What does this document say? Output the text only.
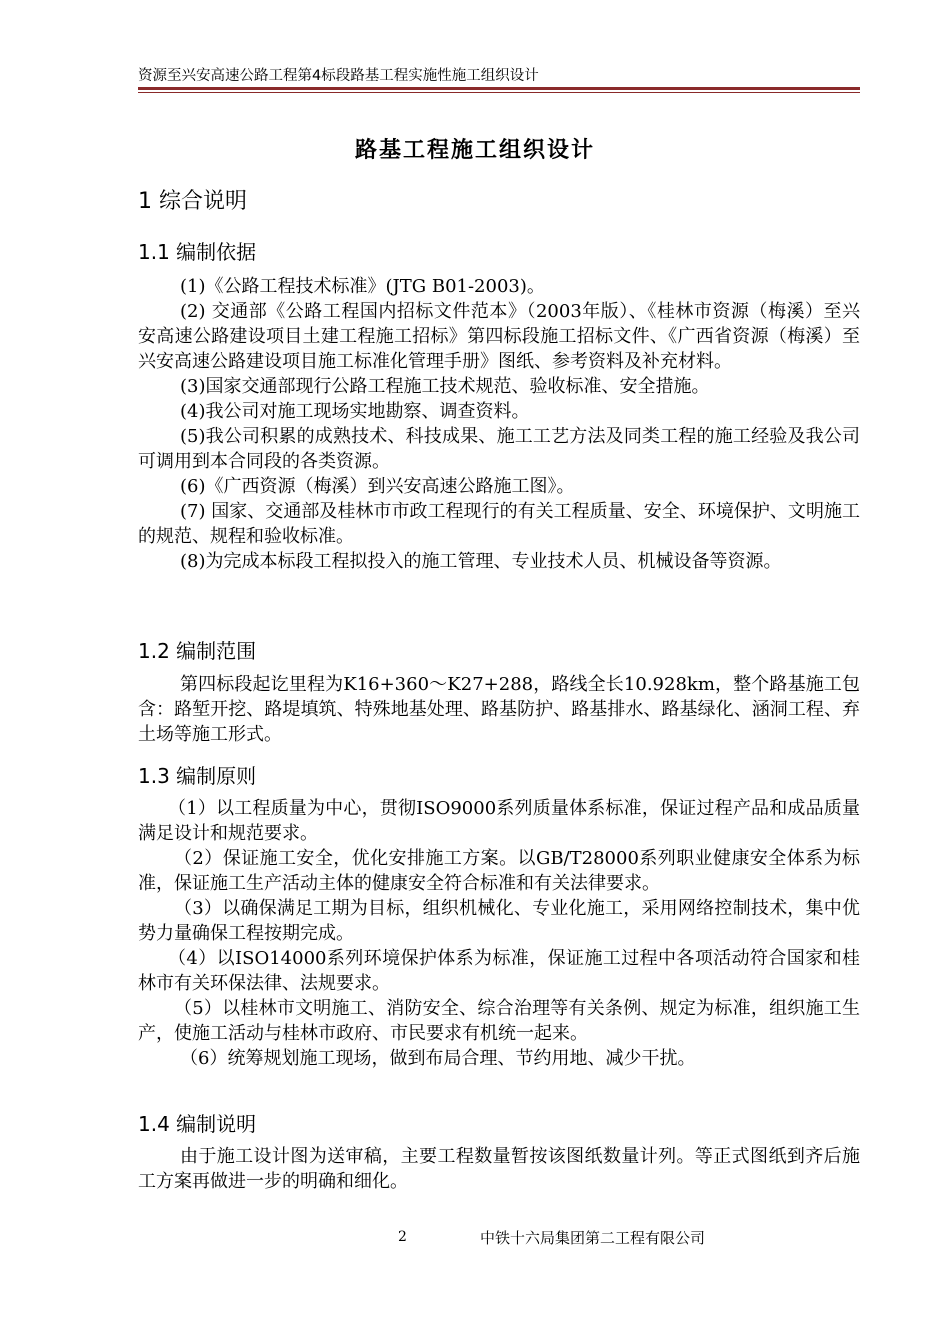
资源至兴安高速公路工程第4标段路基工程实施性施工组织设计
路基工程施工组织设计
1 综合说明
1.1 编制依据

(1)《公路工程技术标准》(JTG B01-2003)。

(2) 交通部《公路工程国内招标文件范本》（2003年版）、《桂林市资源（梅溪）至兴安高速公路建设项目土建工程施工招标》第四标段施工招标文件、《广西省资源（梅溪）至兴安高速公路建设项目施工标准化管理手册》图纸、参考资料及补充材料。

(3)国家交通部现行公路工程施工技术规范、验收标准、安全措施。

(4)我公司对施工现场实地勘察、调查资料。

(5)我公司积累的成熟技术、科技成果、施工工艺方法及同类工程的施工经验及我公司可调用到本合同段的各类资源。

(6)《广西资源（梅溪）到兴安高速公路施工图》。

(7) 国家、交通部及桂林市市政工程现行的有关工程质量、安全、环境保护、文明施工的规范、规程和验收标准。

(8)为完成本标段工程拟投入的施工管理、专业技术人员、机械设备等资源。

1.2 编制范围

第四标段起讫里程为K16+360～K27+288，路线全长10.928km，整个路基施工包含：路堑开挖、路堤填筑、特殊地基处理、路基防护、路基排水、路基绿化、涵洞工程、弃土场等施工形式。

1.3 编制原则

（1）以工程质量为中心，贯彻ISO9000系列质量体系标准，保证过程产品和成品质量满足设计和规范要求。

（2）保证施工安全，优化安排施工方案。以GB/T28000系列职业健康安全体系为标准，保证施工生产活动主体的健康安全符合标准和有关法律要求。

（3）以确保满足工期为目标，组织机械化、专业化施工，采用网络控制技术，集中优势力量确保工程按期完成。

（4）以ISO14000系列环境保护体系为标准，保证施工过程中各项活动符合国家和桂林市有关环保法律、法规要求。

（5）以桂林市文明施工、消防安全、综合治理等有关条例、规定为标准，组织施工生产，使施工活动与桂林市政府、市民要求有机统一起来。

（6）统筹规划施工现场，做到布局合理、节约用地、减少干扰。

1.4 编制说明

由于施工设计图为送审稿，主要工程数量暂按该图纸数量计列。等正式图纸到齐后施工方案再做进一步的明确和细化。

2	中铁十六局集团第二工程有限公司
